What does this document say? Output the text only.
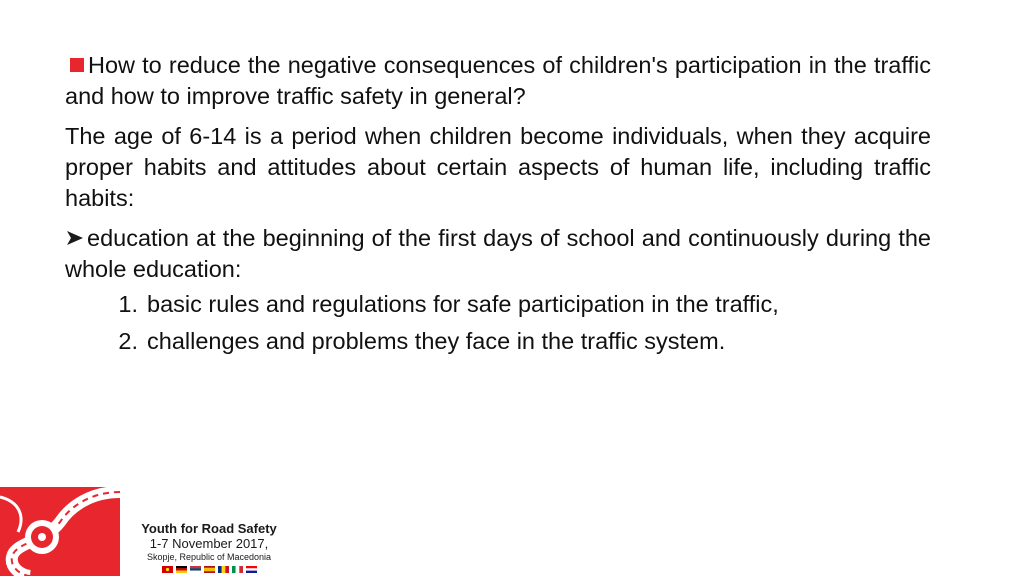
How to reduce the negative consequences of children's participation in the traffic and how to improve traffic safety in general?

The age of 6-14 is a period when children become individuals, when they acquire proper habits and attitudes about certain aspects of human life, including traffic habits:

education at the beginning of the first days of school and continuously during the whole education:

1. basic rules and regulations for safe participation in the traffic,
2. challenges and problems they face in the traffic system.
Youth for Road Safety
1-7 November 2017,
Skopje, Republic of Macedonia
